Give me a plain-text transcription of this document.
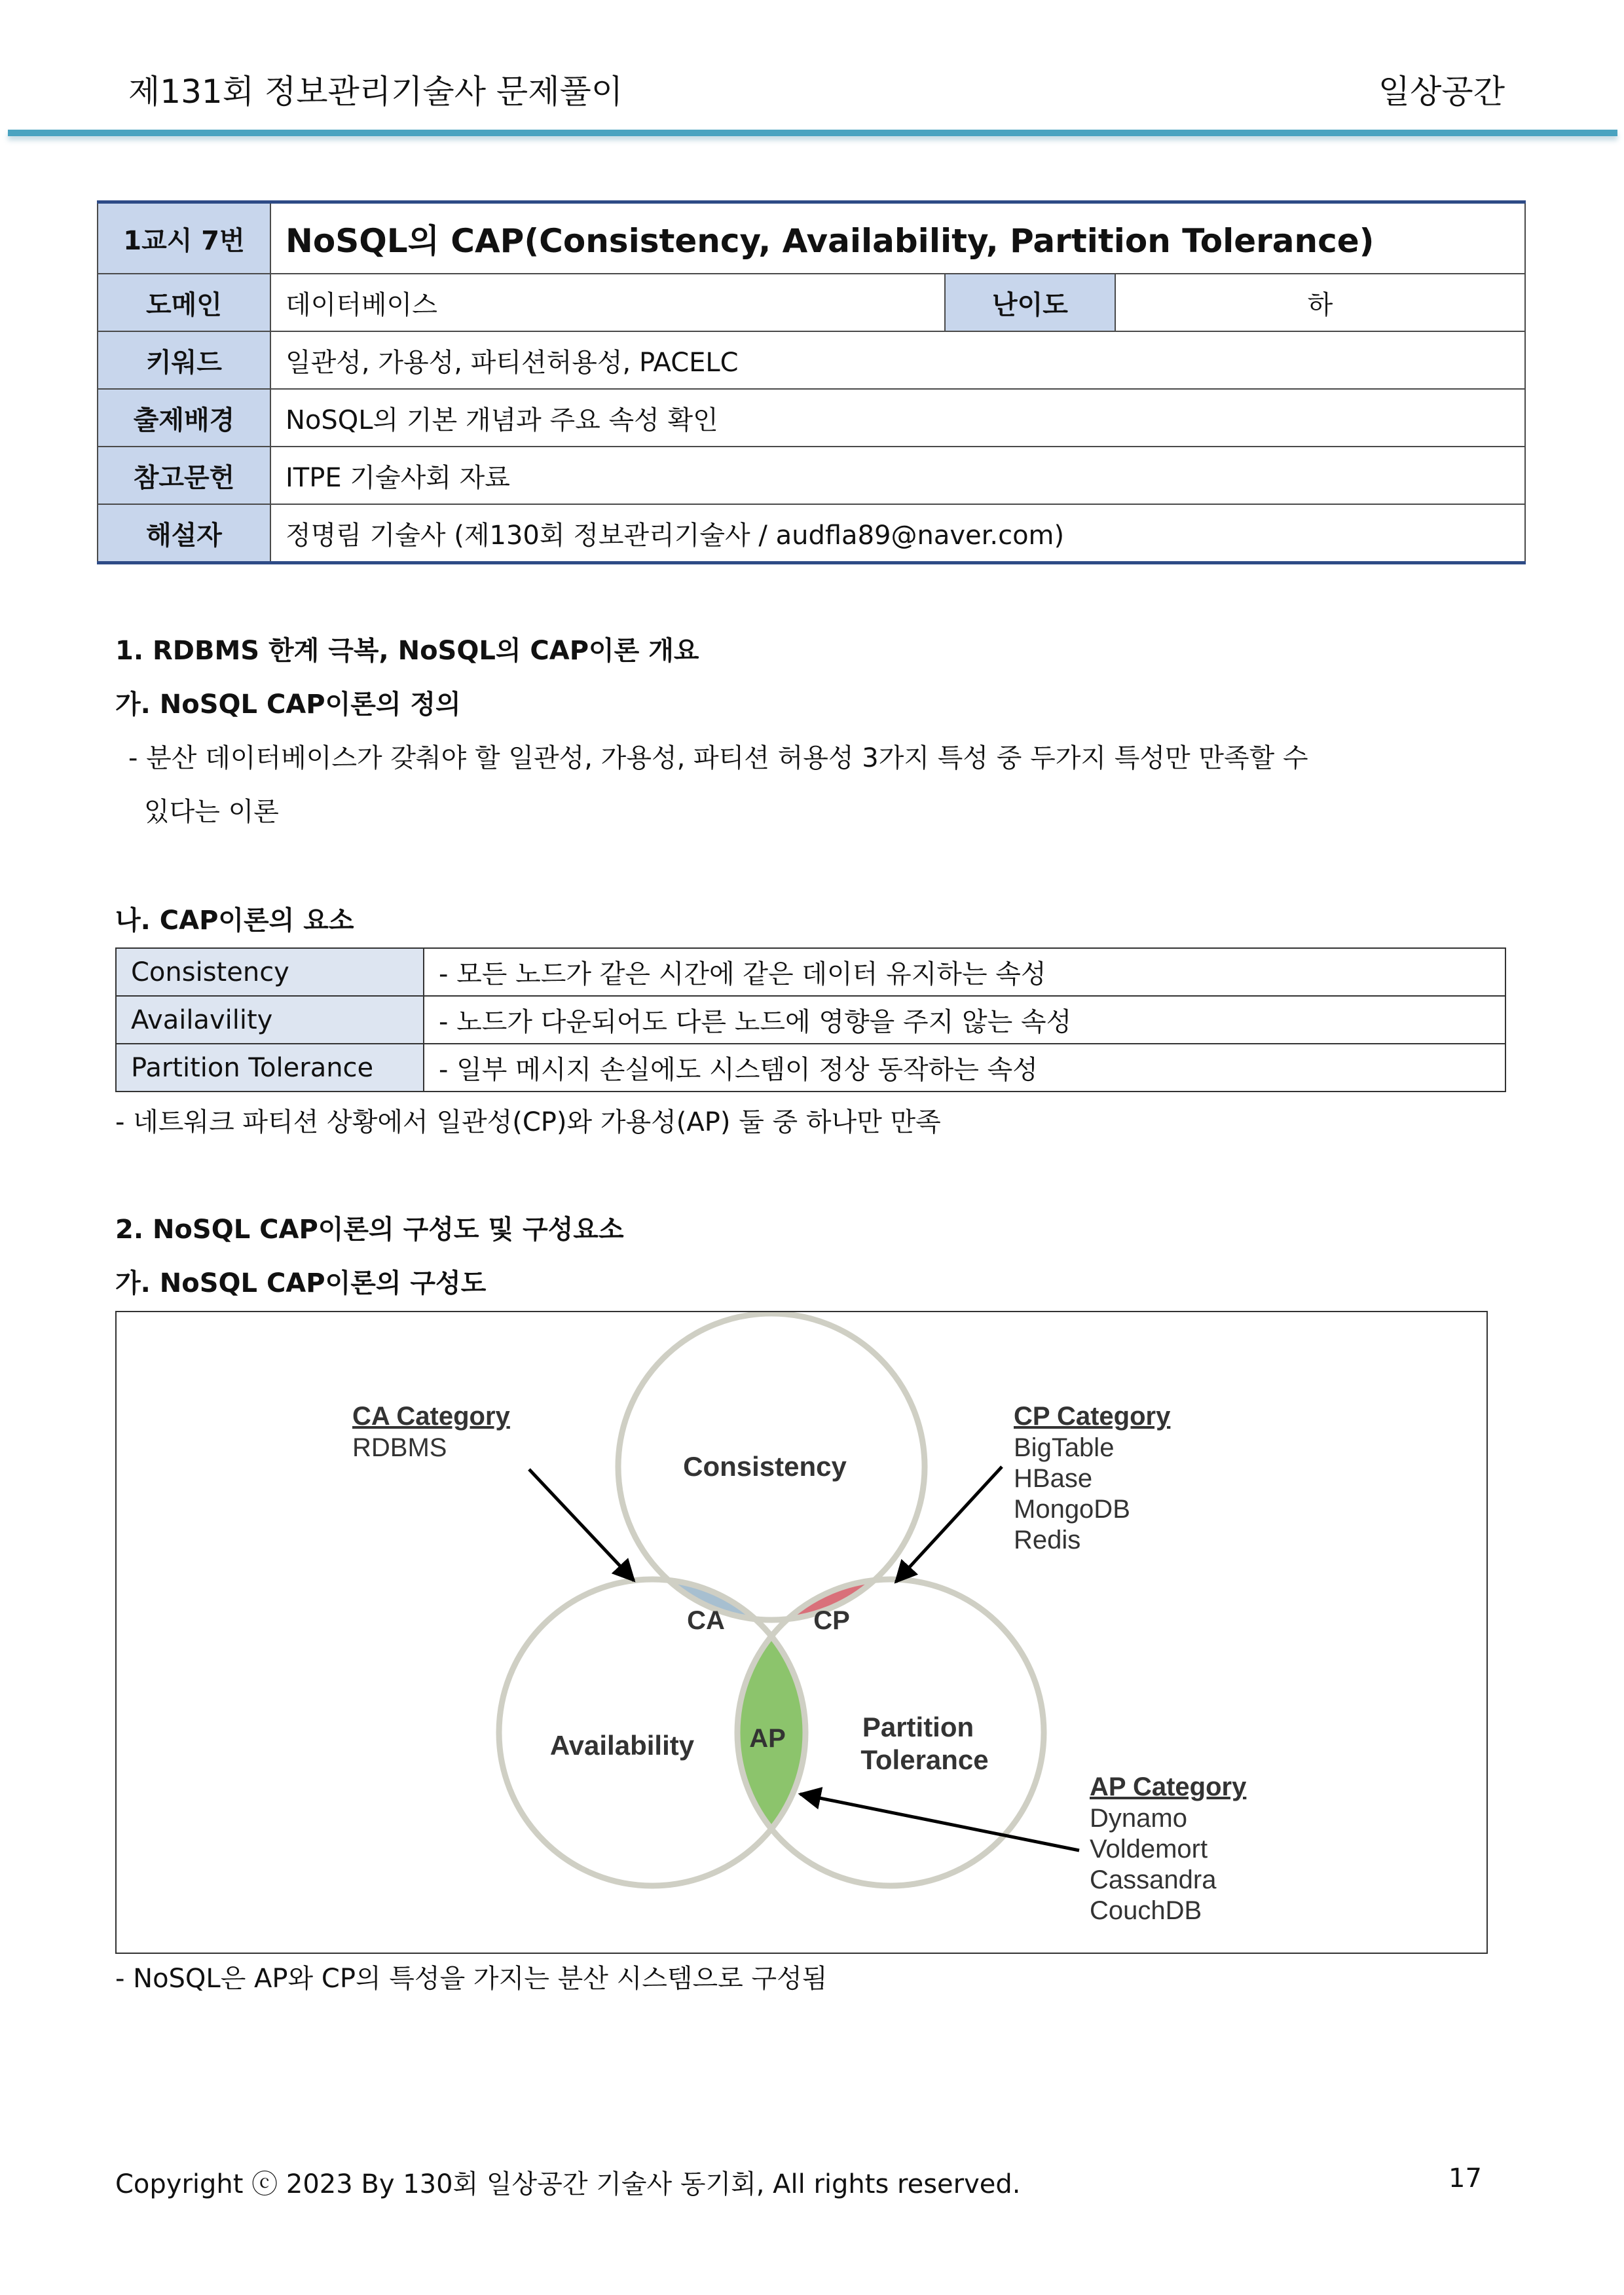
제131회 정보관리기술사 문제풀이	일상공간
1교시 7번	NoSQL의 CAP(Consistency, Availability, Partition Tolerance)		
도메인	데이터베이스	난이도	하
키워드	일관성, 가용성, 파티션허용성, PACELC		
출제배경	NoSQL의 기본 개념과 주요 속성 확인		
참고문헌	ITPE 기술사회 자료		
해설자	정명림 기술사 (제130회 정보관리기술사 / audfla89@naver.com)		
1. RDBMS 한계 극복, NoSQL의 CAP이론 개요
가. NoSQL CAP이론의 정의
- 분산 데이터베이스가 갖춰야 할 일관성, 가용성, 파티션 허용성 3가지 특성 중 두가지 특성만 만족할 수
있다는 이론
나. CAP이론의 요소
Consistency	- 모든 노드가 같은 시간에 같은 데이터 유지하는 속성
Availavility	- 노드가 다운되어도 다른 노드에 영향을 주지 않는 속성
Partition Tolerance	- 일부 메시지 손실에도 시스템이 정상 동작하는 속성
- 네트워크 파티션 상황에서 일관성(CP)와 가용성(AP) 둘 중 하나만 만족
2. NoSQL CAP이론의 구성도 및 구성요소
가. NoSQL CAP이론의 구성도
Consistency
Availability
Partition
Tolerance
CA	CP
AP
CA Category
RDBMS
CP Category
BigTable
HBase
MongoDB
Redis
AP Category
Dynamo
Voldemort
Cassandra
CouchDB
- NoSQL은 AP와 CP의 특성을 가지는 분산 시스템으로 구성됨
Copyright ⓒ 2023 By 130회 일상공간 기술사 동기회, All rights reserved.	17
